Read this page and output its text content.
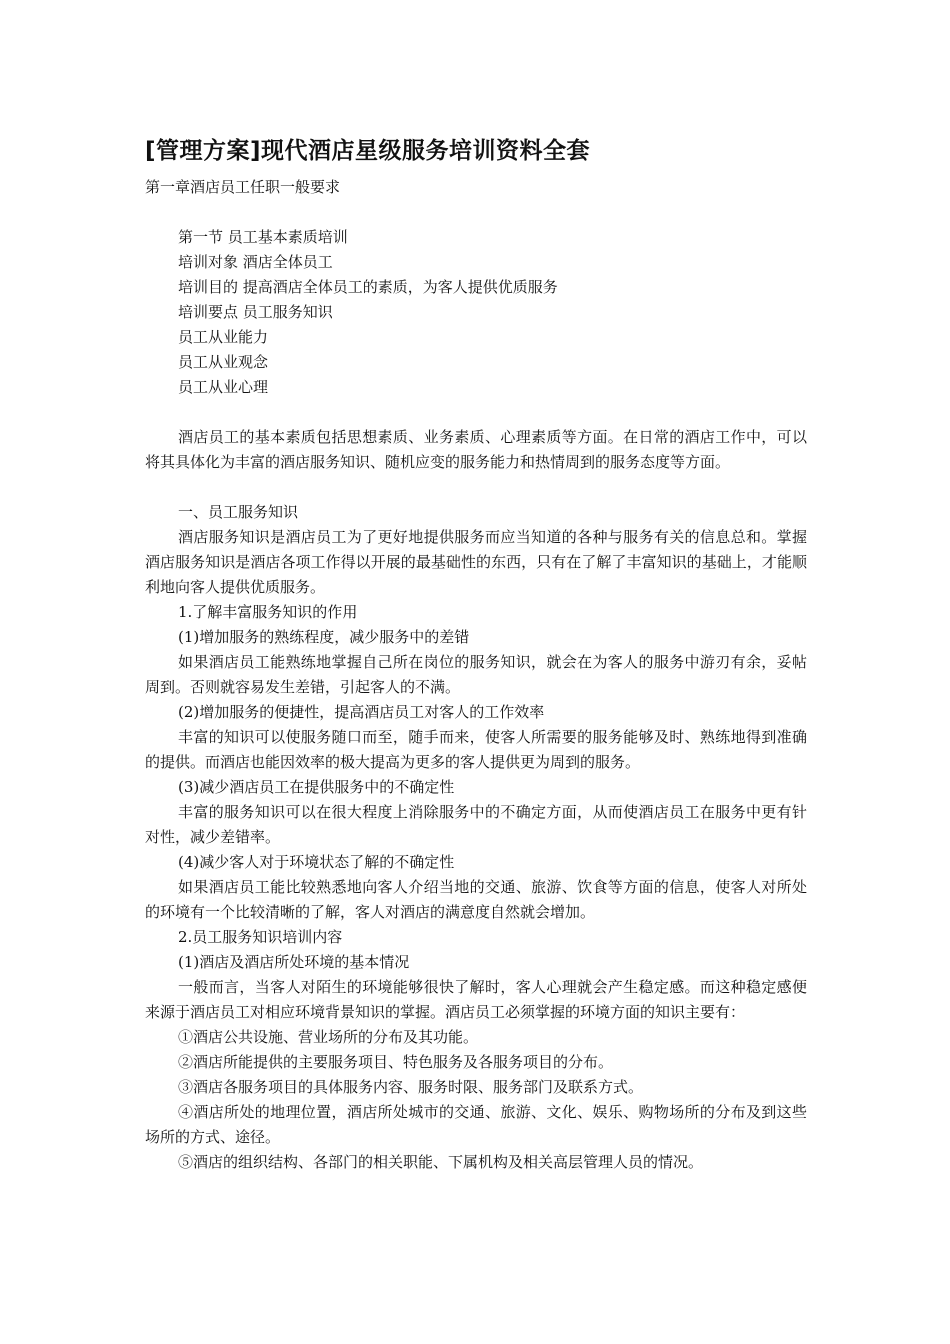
[管理方案]现代酒店星级服务培训资料全套

第一章酒店员工任职一般要求

第一节 员工基本素质培训

培训对象 酒店全体员工

培训目的 提高酒店全体员工的素质，为客人提供优质服务

培训要点 员工服务知识

员工从业能力

员工从业观念

员工从业心理

酒店员工的基本素质包括思想素质、业务素质、心理素质等方面。在日常的酒店工作中，可以将其具体化为丰富的酒店服务知识、随机应变的服务能力和热情周到的服务态度等方面。

一、员工服务知识

酒店服务知识是酒店员工为了更好地提供服务而应当知道的各种与服务有关的信息总和。掌握酒店服务知识是酒店各项工作得以开展的最基础性的东西，只有在了解了丰富知识的基础上，才能顺利地向客人提供优质服务。

1.了解丰富服务知识的作用

(1)增加服务的熟练程度，减少服务中的差错

如果酒店员工能熟练地掌握自己所在岗位的服务知识，就会在为客人的服务中游刃有余，妥帖周到。否则就容易发生差错，引起客人的不满。

(2)增加服务的便捷性，提高酒店员工对客人的工作效率

丰富的知识可以使服务随口而至，随手而来，使客人所需要的服务能够及时、熟练地得到准确的提供。而酒店也能因效率的极大提高为更多的客人提供更为周到的服务。

(3)减少酒店员工在提供服务中的不确定性

丰富的服务知识可以在很大程度上消除服务中的不确定方面，从而使酒店员工在服务中更有针对性，减少差错率。

(4)减少客人对于环境状态了解的不确定性

如果酒店员工能比较熟悉地向客人介绍当地的交通、旅游、饮食等方面的信息，使客人对所处的环境有一个比较清晰的了解，客人对酒店的满意度自然就会增加。

2.员工服务知识培训内容

(1)酒店及酒店所处环境的基本情况

一般而言，当客人对陌生的环境能够很快了解时，客人心理就会产生稳定感。而这种稳定感便来源于酒店员工对相应环境背景知识的掌握。酒店员工必须掌握的环境方面的知识主要有：

①酒店公共设施、营业场所的分布及其功能。

②酒店所能提供的主要服务项目、特色服务及各服务项目的分布。

③酒店各服务项目的具体服务内容、服务时限、服务部门及联系方式。

④酒店所处的地理位置，酒店所处城市的交通、旅游、文化、娱乐、购物场所的分布及到这些场所的方式、途径。

⑤酒店的组织结构、各部门的相关职能、下属机构及相关高层管理人员的情况。
